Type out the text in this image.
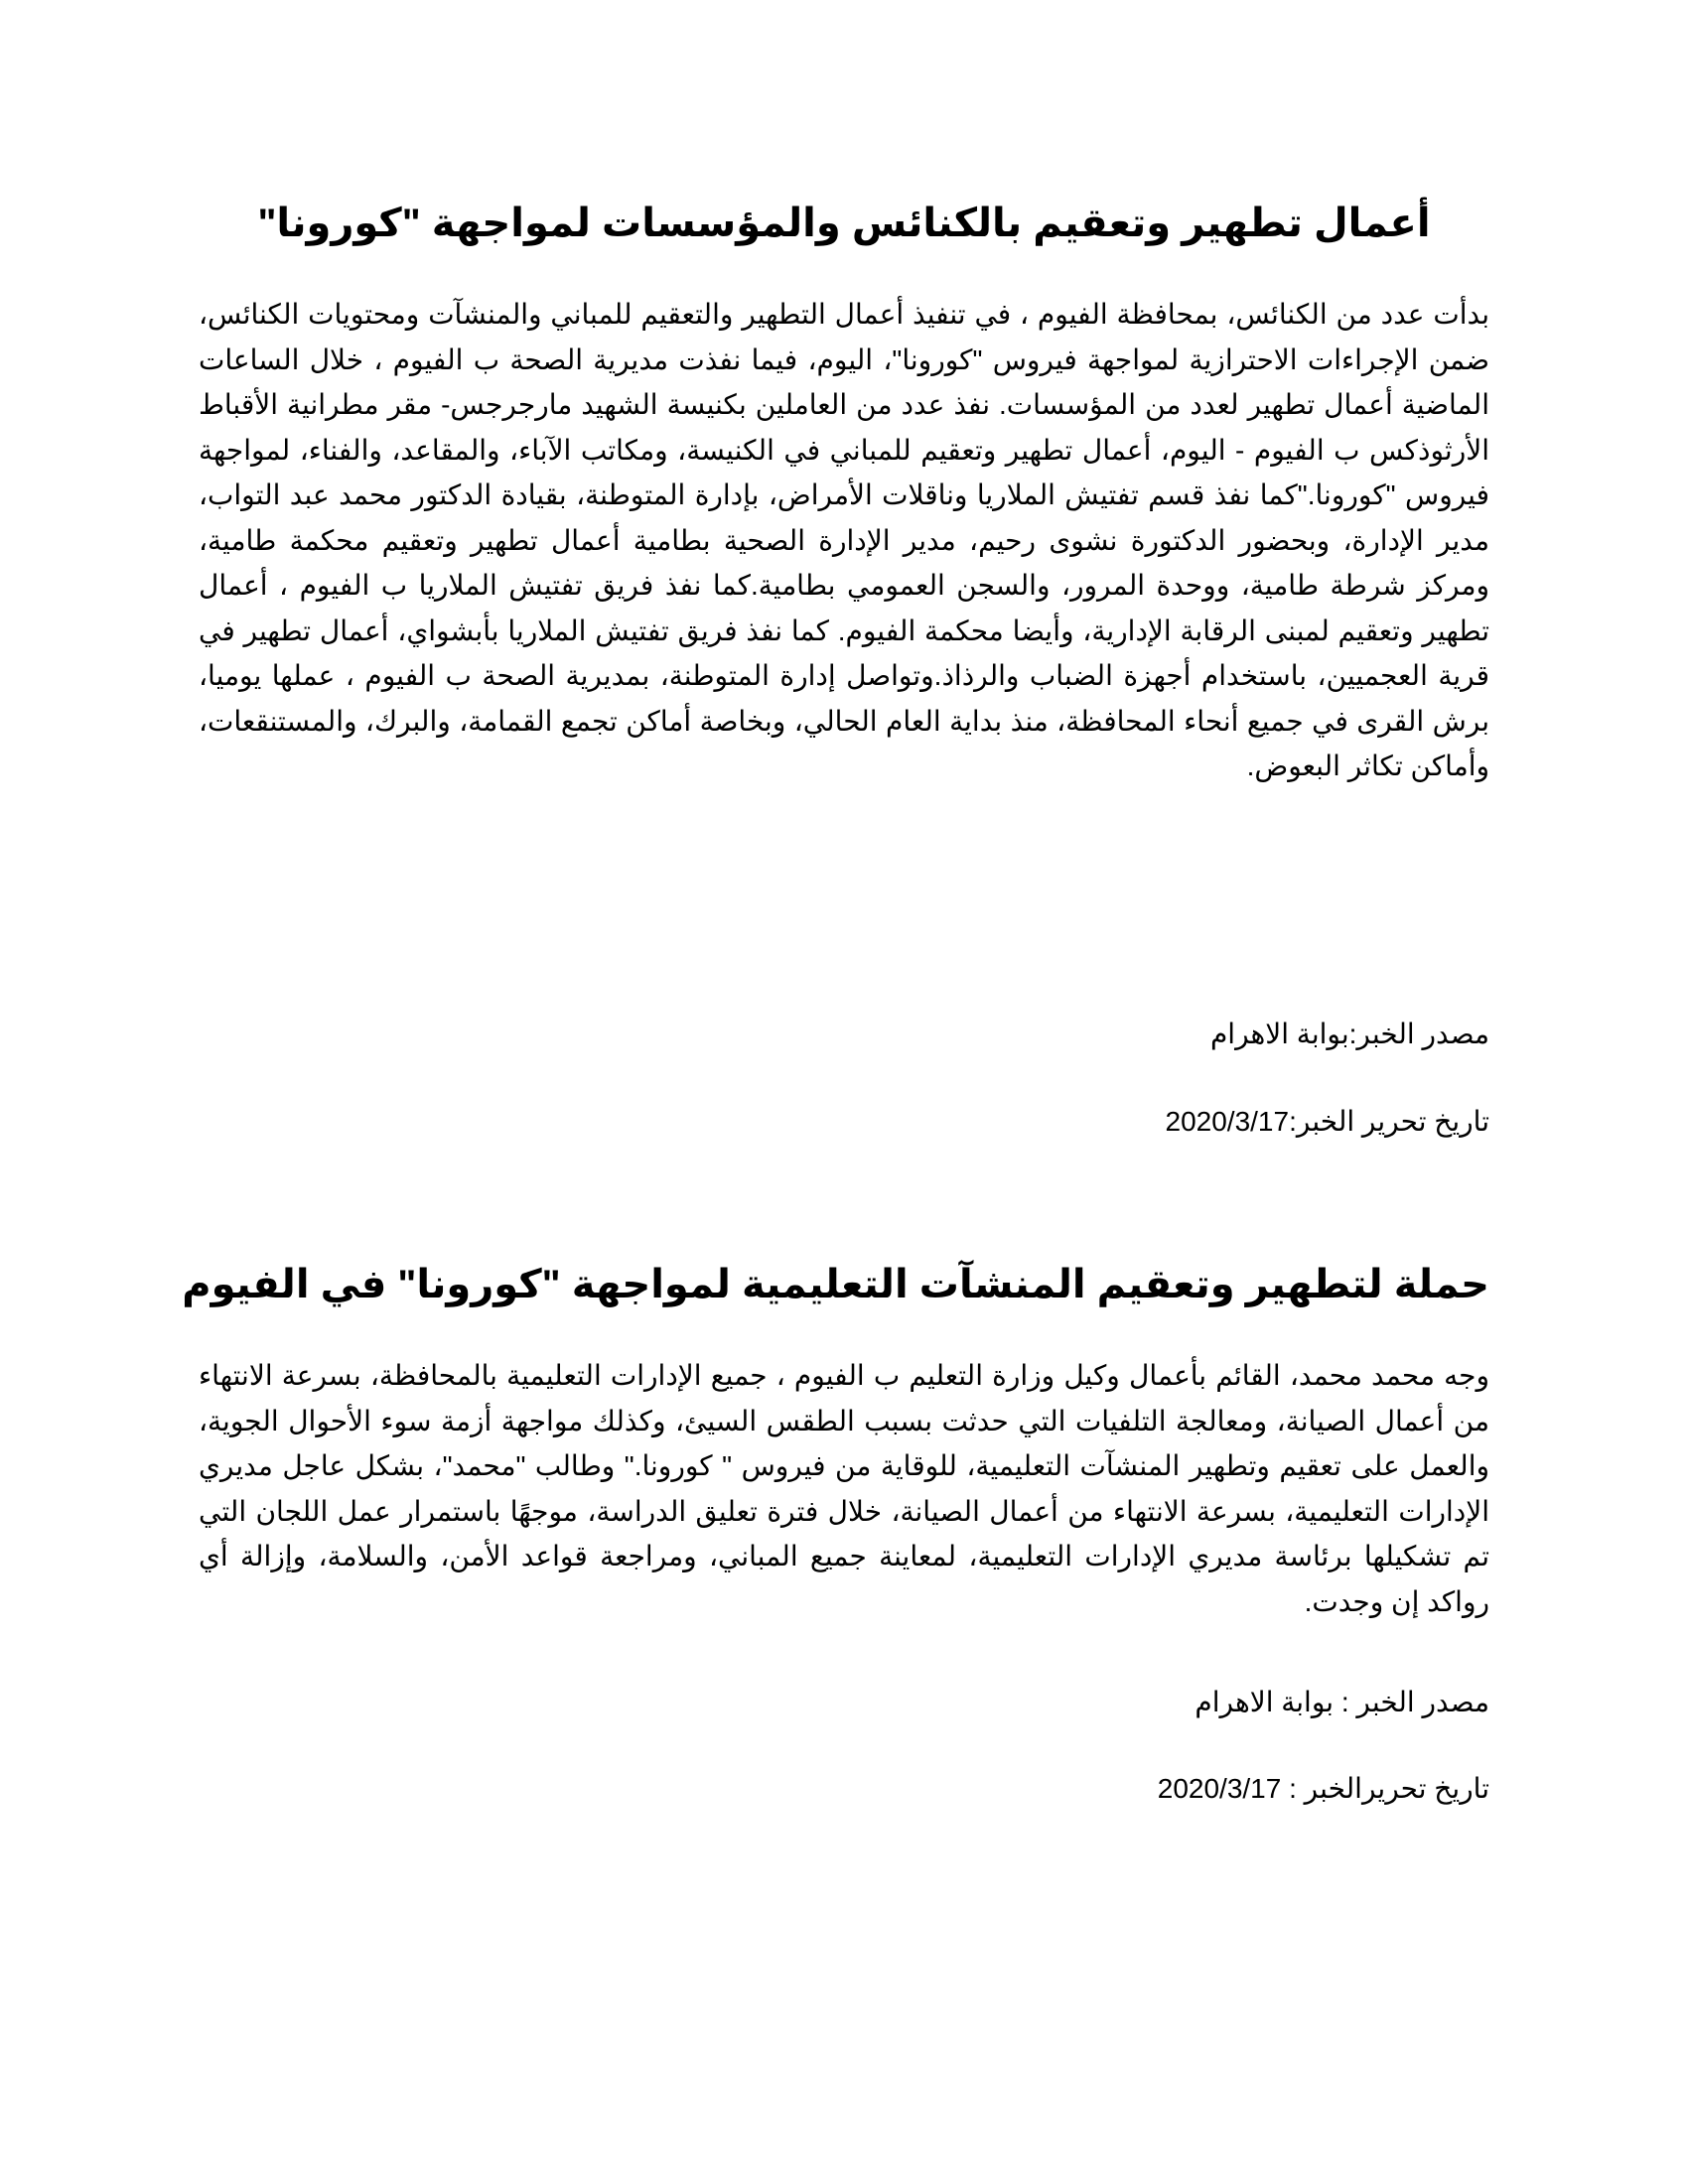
أعمال تطهير وتعقيم بالكنائس والمؤسسات لمواجهة "كورونا"

بدأت عدد من الكنائس، بمحافظة الفيوم ، في تنفيذ أعمال التطهير والتعقيم للمباني والمنشآت ومحتويات الكنائس، ضمن الإجراءات الاحترازية لمواجهة فيروس "كورونا"، اليوم، فيما نفذت مديرية الصحة ب الفيوم ، خلال الساعات الماضية أعمال تطهير لعدد من المؤسسات. نفذ عدد من العاملين بكنيسة الشهيد مارجرجس- مقر مطرانية الأقباط الأرثوذكس ب الفيوم - اليوم، أعمال تطهير وتعقيم للمباني في الكنيسة، ومكاتب الآباء، والمقاعد، والفناء، لمواجهة فيروس "كورونا."كما نفذ قسم تفتيش الملاريا وناقلات الأمراض، بإدارة المتوطنة، بقيادة الدكتور محمد عبد التواب، مدير الإدارة، وبحضور الدكتورة نشوى رحيم، مدير الإدارة الصحية بطامية أعمال تطهير وتعقيم محكمة طامية، ومركز شرطة طامية، ووحدة المرور، والسجن العمومي بطامية.كما نفذ فريق تفتيش الملاريا ب الفيوم ، أعمال تطهير وتعقيم لمبنى الرقابة الإدارية، وأيضا محكمة الفيوم. كما نفذ فريق تفتيش الملاريا بأبشواي، أعمال تطهير في قرية العجميين، باستخدام أجهزة الضباب والرذاذ.وتواصل إدارة المتوطنة، بمديرية الصحة ب الفيوم ، عملها يوميا، برش القرى في جميع أنحاء المحافظة، منذ بداية العام الحالي، وبخاصة أماكن تجمع القمامة، والبرك، والمستنقعات، وأماكن تكاثر البعوض.

مصدر الخبر:بوابة الاهرام

تاريخ تحرير الخبر:2020/3/17

حملة لتطهير وتعقيم المنشآت التعليمية لمواجهة "كورونا" في الفيوم

وجه محمد محمد، القائم بأعمال وكيل وزارة التعليم ب الفيوم ، جميع الإدارات التعليمية بالمحافظة، بسرعة الانتهاء من أعمال الصيانة، ومعالجة التلفيات التي حدثت بسبب الطقس السيئ، وكذلك مواجهة أزمة سوء الأحوال الجوية، والعمل على تعقيم وتطهير المنشآت التعليمية، للوقاية من فيروس " كورونا." وطالب "محمد"، بشكل عاجل مديري الإدارات التعليمية، بسرعة الانتهاء من أعمال الصيانة، خلال فترة تعليق الدراسة، موجهًا باستمرار عمل اللجان التي تم تشكيلها برئاسة مديري الإدارات التعليمية، لمعاينة جميع المباني، ومراجعة قواعد الأمن، والسلامة، وإزالة أي رواكد إن وجدت.

مصدر الخبر : بوابة الاهرام

تاريخ تحريرالخبر : 2020/3/17
